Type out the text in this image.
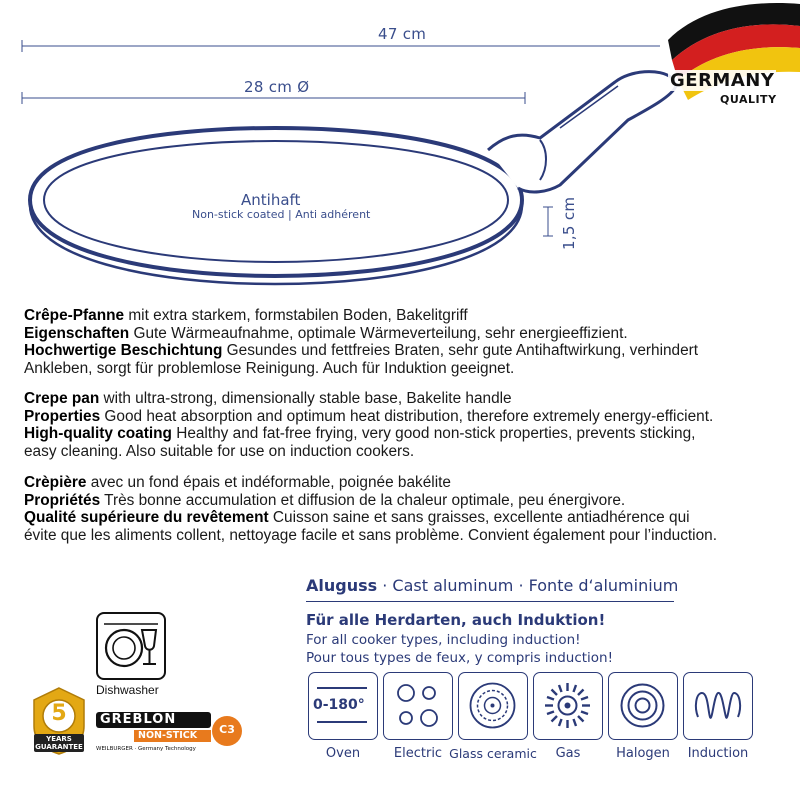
47 cm
28 cm Ø
1,5 cm
Antihaft
Non-stick coated | Anti adhérent
GERMANY
QUALITY

Crêpe-Pfanne mit extra starkem, formstabilen Boden, Bakelitgriff

Eigenschaften Gute Wärmeaufnahme, optimale Wärmeverteilung, sehr energieeffizient.

Hochwertige Beschichtung Gesundes und fettfreies Braten, sehr gute Antihaftwirkung, verhindert

Ankleben, sorgt für problemlose Reinigung. Auch für Induktion geeignet.

Crepe pan with ultra-strong, dimensionally stable base, Bakelite handle

Properties Good heat absorption and optimum heat distribution, therefore extremely energy-efficient.

High-quality coating Healthy and fat-free frying, very good non-stick properties, prevents sticking,

easy cleaning. Also suitable for use on induction cookers.

Crèpière avec un fond épais et indéformable, poignée bakélite

Propriétés Très bonne accumulation et diffusion de la chaleur optimale, peu énergivore.

Qualité supérieure du revêtement Cuisson saine et sans graisses, excellente antiadhérence qui

évite que les aliments collent, nettoyage facile et sans problème. Convient également pour l’induction.

Aluguss · Cast aluminum · Fonte d‘aluminium
Für alle Herdarten, auch Induktion!
For all cooker types, including induction!
Pour tous types de feux, y compris induction!
0-180°
Oven	Electric Glass ceramic	Gas	Halogen	Induction
Dishwasher
5
YEARS
GUARANTEE
GREBLON
NON-STICK	C3
WEILBURGER · Germany Technology
